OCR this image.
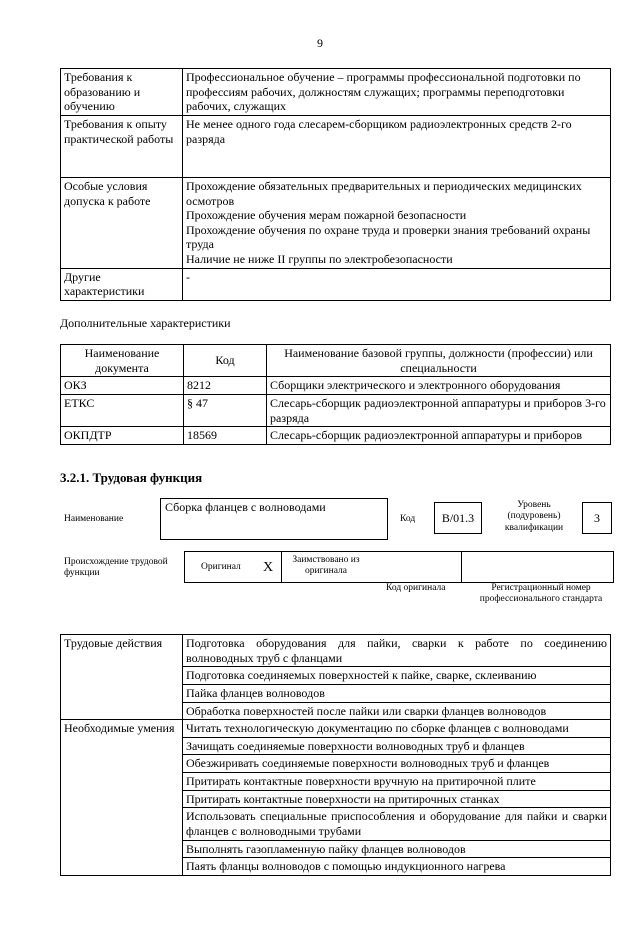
9
Требования к образованию и обучению	Профессиональное обучение – программы профессиональной подготовки по профессиям рабочих, должностям служащих; программы переподготовки рабочих, служащих
Требования к опыту практической работы	Не менее одного года слесарем-сборщиком радиоэлектронных средств 2-го разряда
Особые условия допуска к работе	Прохождение обязательных предварительных и периодических медицинских осмотров
Прохождение обучения мерам пожарной безопасности
Прохождение обучения по охране труда и проверки знания требований охраны труда
Наличие не ниже II группы по электробезопасности

Другие характеристики	-
Дополнительные характеристики
Наименование документа	Код	Наименование базовой группы, должности (профессии) или специальности
ОКЗ	8212	Сборщики электрического и электронного оборудования
ЕТКС	§ 47	Слесарь-сборщик радиоэлектронной аппаратуры и приборов 3-го разряда
ОКПДТР	18569	Слесарь-сборщик радиоэлектронной аппаратуры и приборов
3.2.1. Трудовая функция
Наименование
Сборка фланцев с волноводами
Код	B/01.3
Уровень (подуровень) квалификации
3
Происхождение трудовой функции
Оригинал X	Заимствовано из оригинала
Код оригинала	Регистрационный номер профессионального стандарта
Трудовые действия	Подготовка оборудования для пайки, сварки к работе по соединению волноводных труб с фланцами
	Подготовка соединяемых поверхностей к пайке, сварке, склеиванию
	Пайка фланцев волноводов
	Обработка поверхностей после пайки или сварки фланцев волноводов
Необходимые умения	Читать технологическую документацию по сборке фланцев с волноводами
	Зачищать соединяемые поверхности волноводных труб и фланцев
	Обезжиривать соединяемые поверхности волноводных труб и фланцев
	Притирать контактные поверхности вручную на притирочной плите
	Притирать контактные поверхности на притирочных станках
	Использовать специальные приспособления и оборудование для пайки и сварки фланцев с волноводными трубами
	Выполнять газопламенную пайку фланцев волноводов
	Паять фланцы волноводов с помощью индукционного нагрева
